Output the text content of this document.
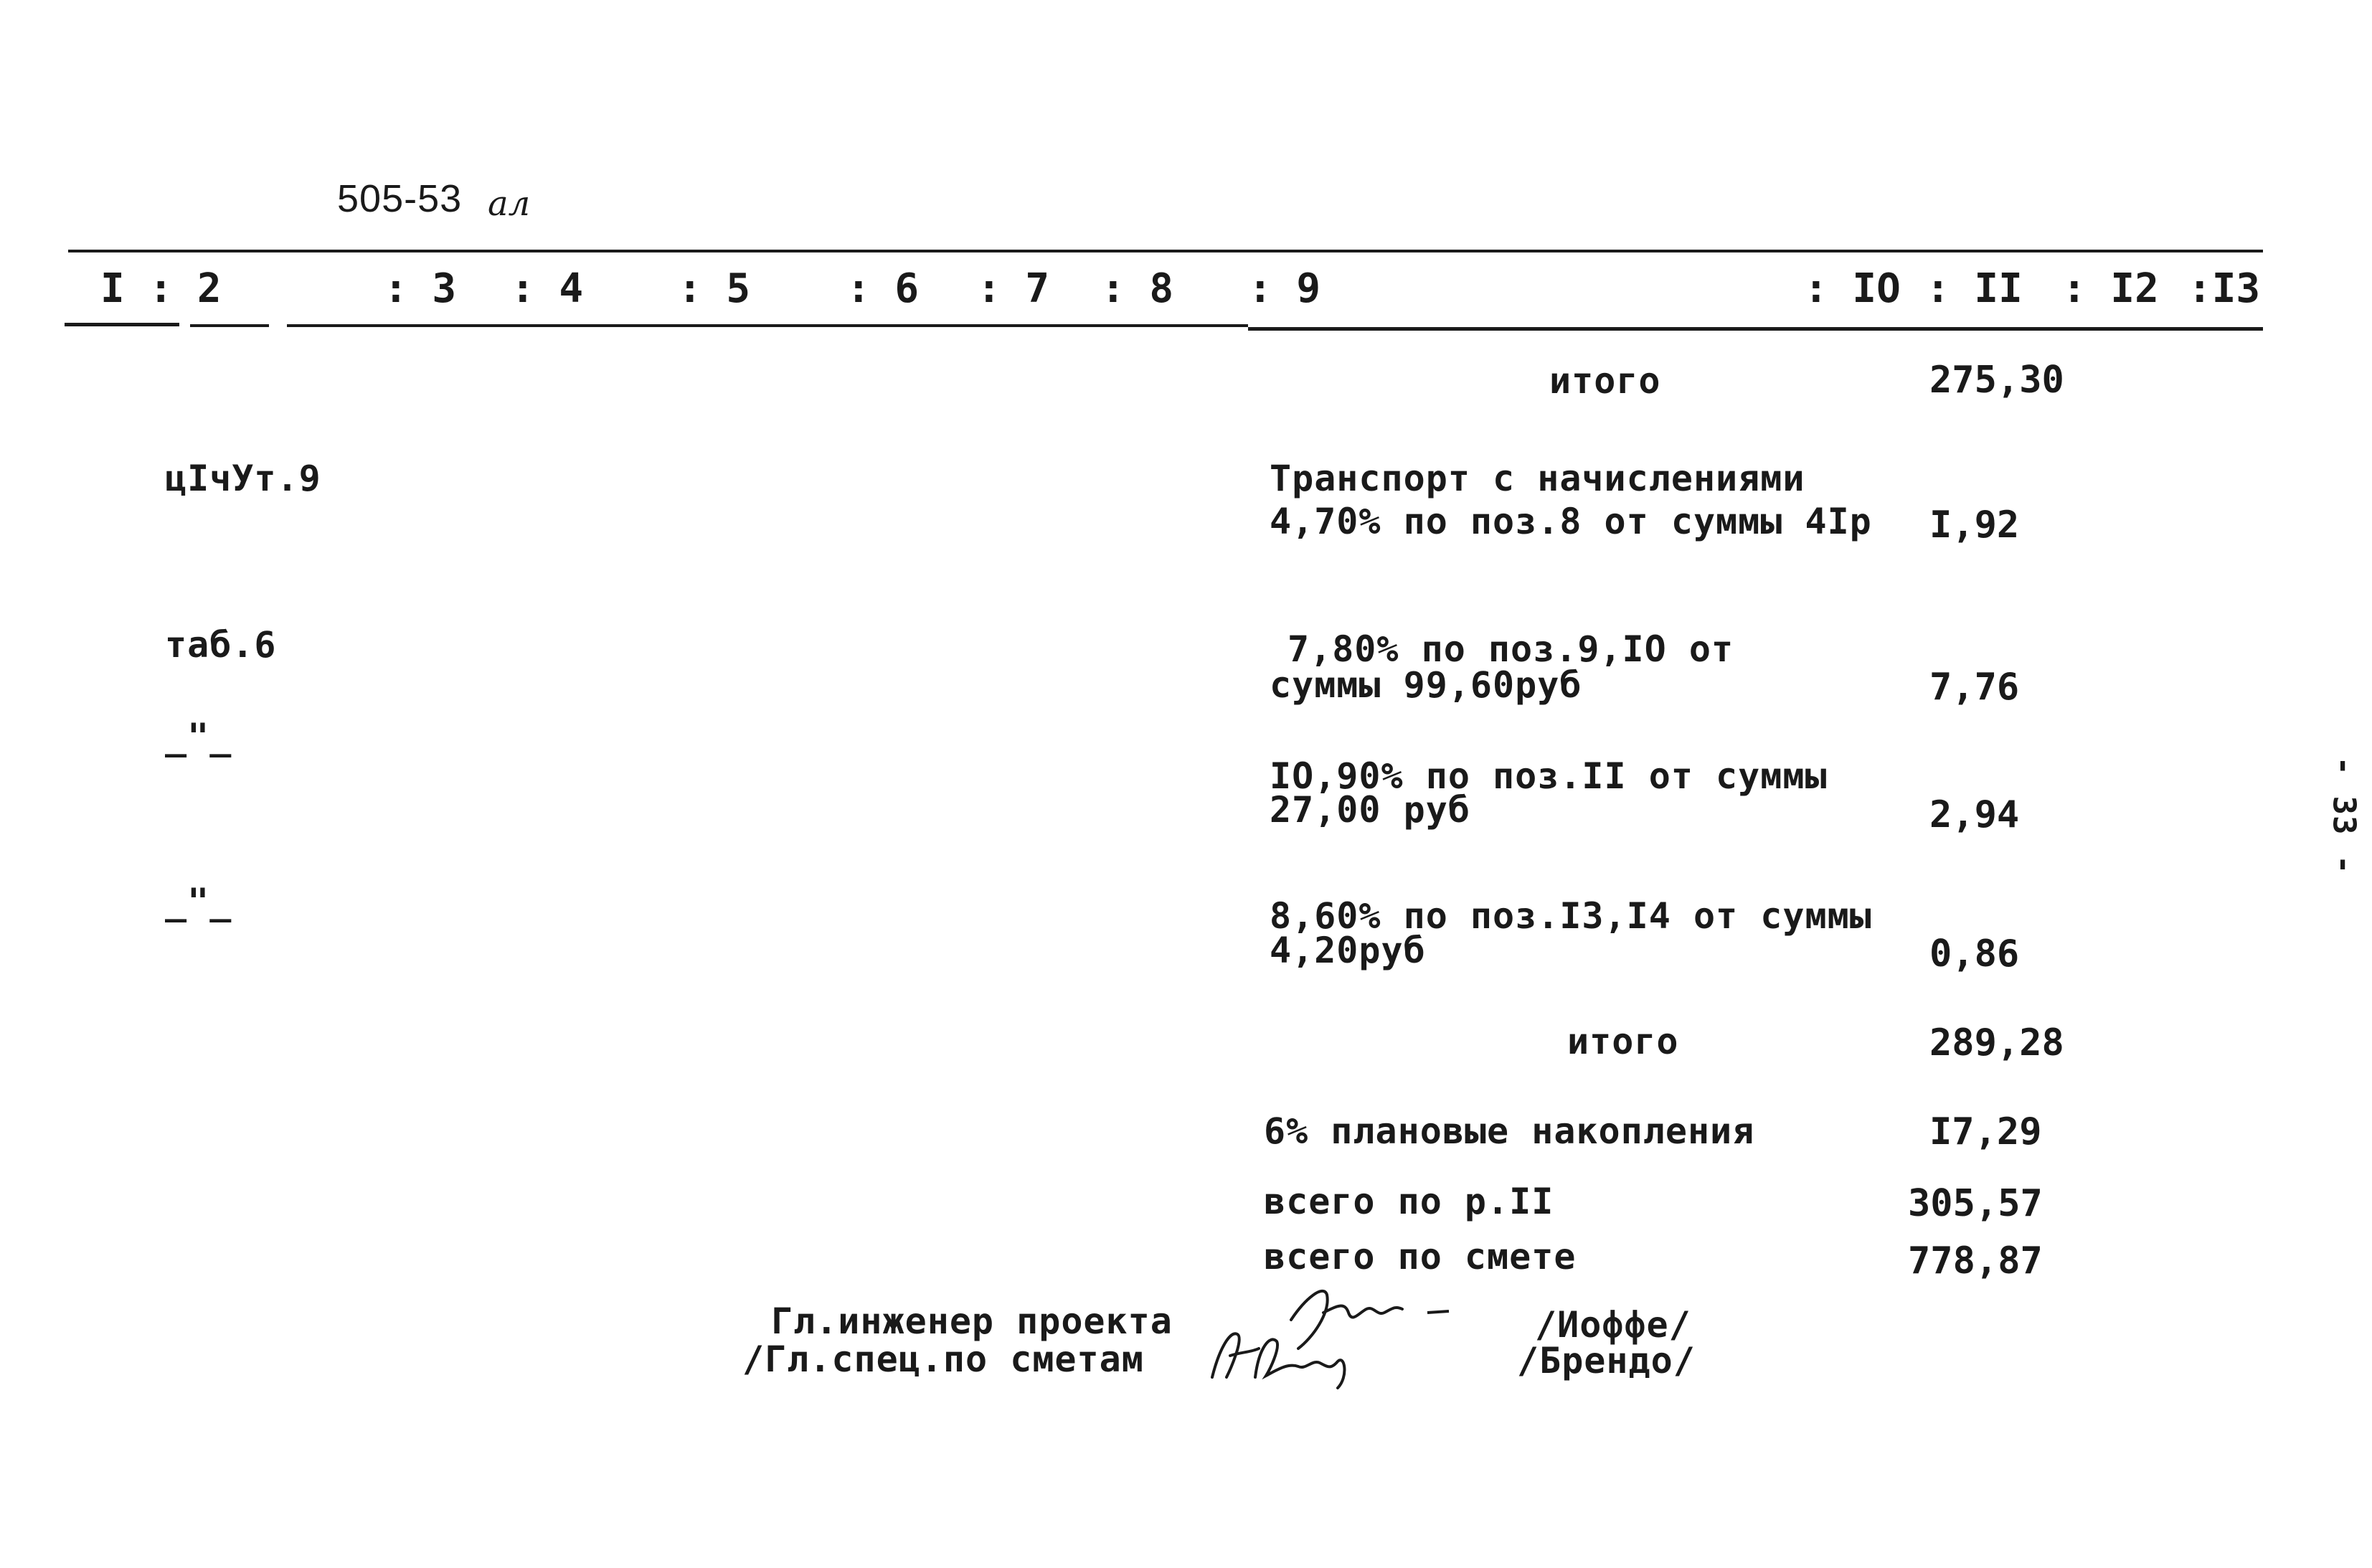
505-53 ал
I : 2	: 3 : 4 : 5 : 6 : 7 : 8 : 9	: IO : II : I2 :I3
итого	275,30
цIчУт.9	Транспорт с начислениями
4,70% по поз.8 от суммы 4Iр I,92
таб.6	7,80% по поз.9,IO от
суммы 99,60руб	7,76
_"_
IO,90% по поз.II от суммы
27,00 руб	2,94
_"_	8,60% по поз.I3,I4 от суммы
4,20руб	0,86
итого	289,28
6% плановые накопления	I7,29
всего по р.II	305,57
всего по смете	778,87
Гл.инженер проекта
/Гл.спец.по сметам
/Иоффе/
/Брендо/
- 33 -
